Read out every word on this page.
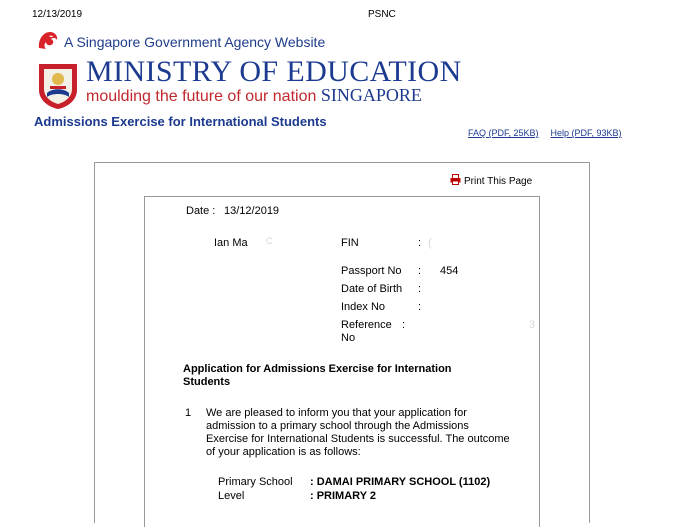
12/13/2019	PSNC
A Singapore Government Agency Website
MINISTRY OF EDUCATION
moulding the future of our nation SINGAPORE
Admissions Exercise for International Students
FAQ (PDF, 25KB) Help (PDF, 93KB)
Print This Page
Date : 13/12/2019
Ian Ma C	FIN	: (
Passport No : 454
Date of Birth :
Index No	:
Reference :	3
No
Application for Admissions Exercise for Internation
Students
1 We are pleased to inform you that your application for
admission to a primary school through the Admissions
Exercise for International Students is successful. The outcome
of your application is as follows:
Primary School : DAMAI PRIMARY SCHOOL (1102)
Level	: PRIMARY 2
